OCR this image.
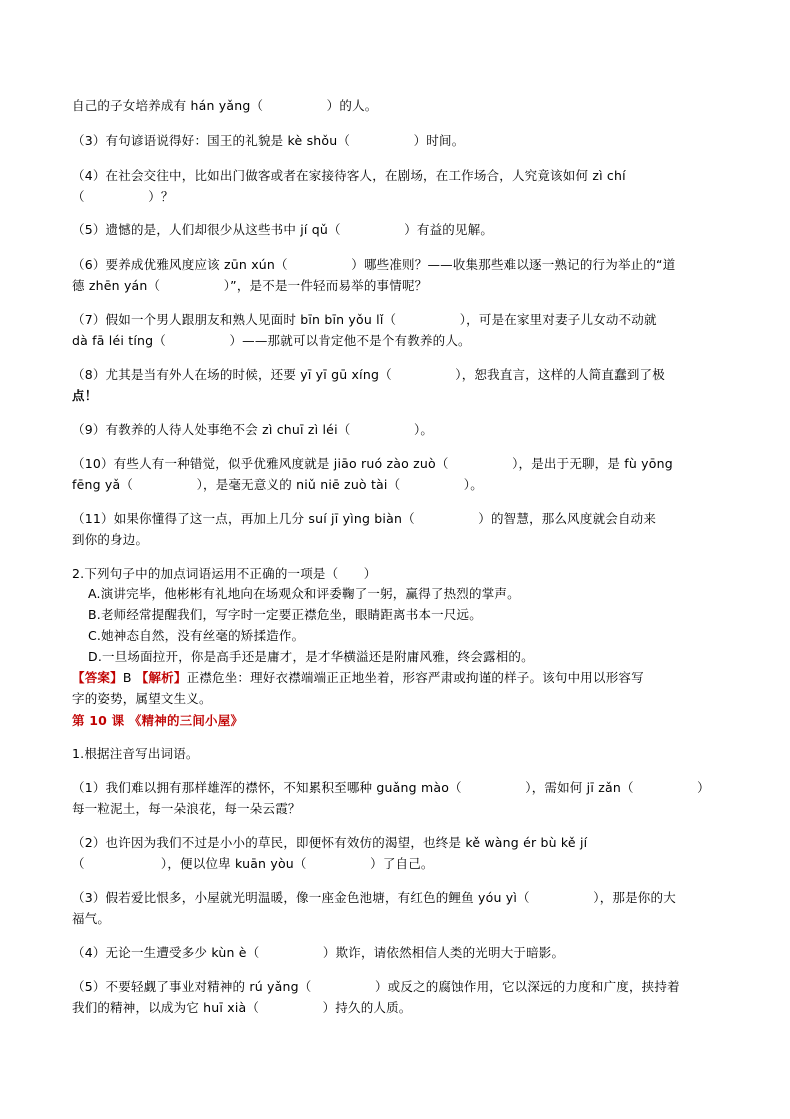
自己的子女培养成有 hán yǎng（　　　　　）的人。
（3）有句谚语说得好：国王的礼貌是 kè shǒu（　　　　　）时间。
（4）在社会交往中，比如出门做客或者在家接待客人，在剧场，在工作场合，人究竟该如何 zì chí
（　　　　　）？
（5）遗憾的是，人们却很少从这些书中 jí qǔ（　　　　　）有益的见解。
（6）要养成优雅风度应该 zūn xún（　　　　　）哪些准则？——收集那些难以逐一熟记的行为举止的“道
德 zhēn yán（　　　　　）”，是不是一件轻而易举的事情呢？
（7）假如一个男人跟朋友和熟人见面时 bīn bīn yǒu lǐ（　　　　　），可是在家里对妻子儿女动不动就
dà fā léi tíng（　　　　　）——那就可以肯定他不是个有教养的人。
（8）尤其是当有外人在场的时候，还要 yī yī gū xíng（　　　　　），恕我直言，这样的人简直蠢到了极
点！
（9）有教养的人待人处事绝不会 zì chuī zì léi（　　　　　）。
（10）有些人有一种错觉，似乎优雅风度就是 jiāo ruó zào zuò（　　　　　），是出于无聊，是 fù yōng
fēng yǎ（　　　　　），是毫无意义的 niǔ niē zuò tài（　　　　　）。
（11）如果你懂得了这一点，再加上几分 suí jī yìng biàn（　　　　　）的智慧，那么风度就会自动来
到你的身边。
2.下列句子中的加点词语运用不正确的一项是（　　）
A.演讲完毕，他彬彬有礼地向在场观众和评委鞠了一躬，赢得了热烈的掌声。
B.老师经常提醒我们，写字时一定要正襟危坐，眼睛距离书本一尺远。
C.她神态自然，没有丝毫的矫揉造作。
D.一旦场面拉开，你是高手还是庸才，是才华横溢还是附庸风雅，终会露相的。
【答案】B 【解析】正襟危坐：理好衣襟端端正正地坐着，形容严肃或拘谨的样子。该句中用以形容写
字的姿势，属望文生义。
第 10 课 《精神的三间小屋》
1.根据注音写出词语。
（1）我们难以拥有那样雄浑的襟怀，不知累积至哪种 guǎng mào（　　　　　），需如何 jī zǎn（　　　　　）
每一粒泥土，每一朵浪花，每一朵云霞？
（2）也许因为我们不过是小小的草民，即便怀有效仿的渴望，也终是 kě wàng ér bù kě jí
（　　　　　　），便以位卑 kuān yòu（　　　　　）了自己。
（3）假若爱比恨多，小屋就光明温暖，像一座金色池塘，有红色的鲤鱼 yóu yì（　　　　　），那是你的大
福气。
（4）无论一生遭受多少 kùn è（　　　　　）欺诈，请依然相信人类的光明大于暗影。
（5）不要轻觑了事业对精神的 rú yǎng（　　　　　）或反之的腐蚀作用，它以深远的力度和广度，挟持着
我们的精神，以成为它 huī xià（　　　　　）持久的人质。
